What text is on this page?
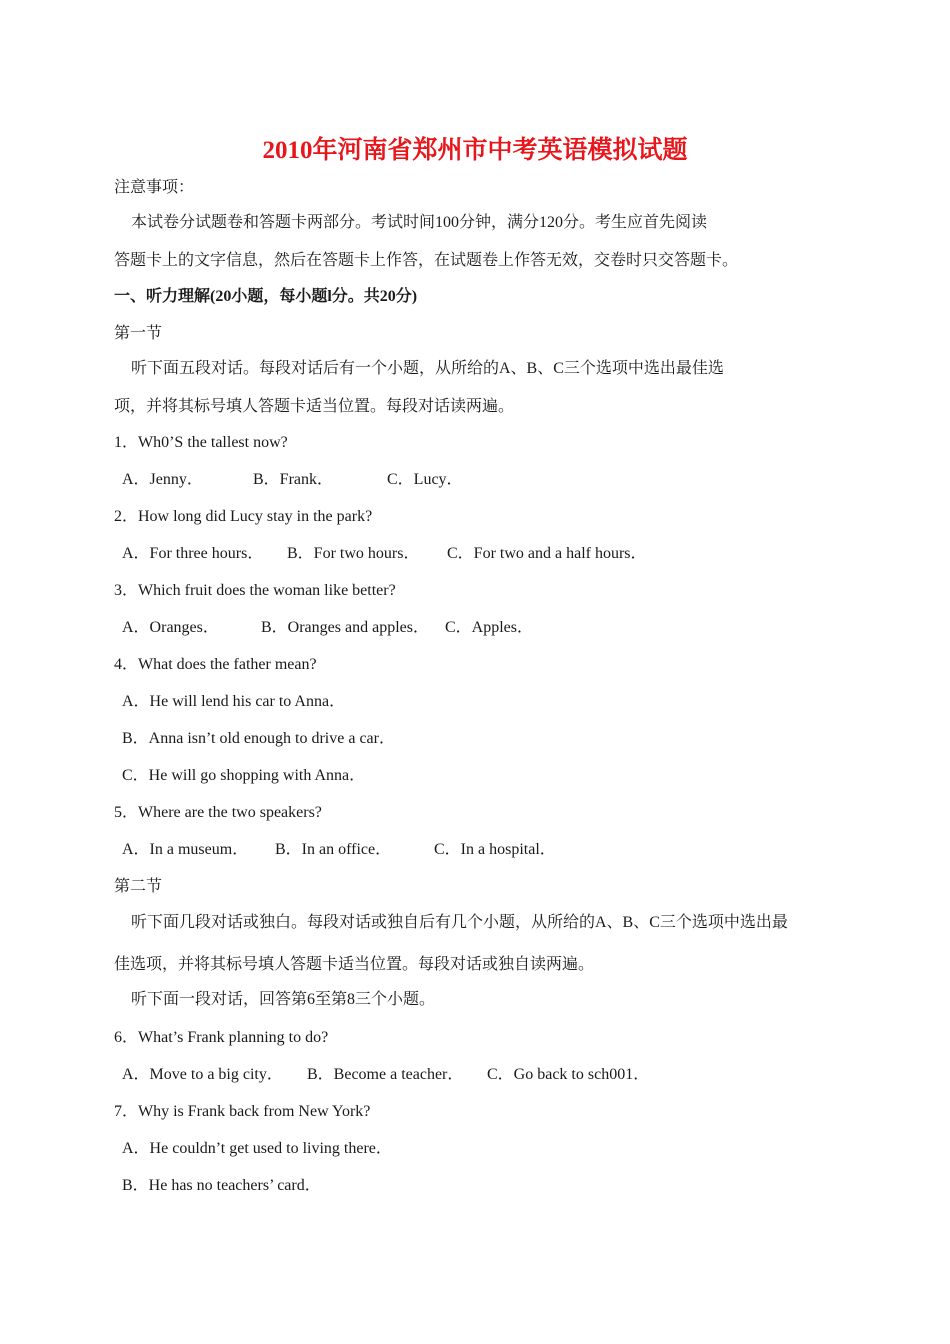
2010年河南省郑州市中考英语模拟试题
注意事项：
本试卷分试题卷和答题卡两部分。考试时间100分钟，满分120分。考生应首先阅读
答题卡上的文字信息，然后在答题卡上作答，在试题卷上作答无效，交卷时只交答题卡。
一、听力理解(20小题，每小题l分。共20分)
第一节
听下面五段对话。每段对话后有一个小题，从所给的A、B、C三个选项中选出最佳选
项，并将其标号填人答题卡适当位置。每段对话读两遍。
1．Wh0’S the tallest now?
A．Jenny．	B．Frank．	C．Lucy．
2．How long did Lucy stay in the park?
A．For three hours． B．For two hours． C．For two and a half hours．
3．Which fruit does the woman like better?
A．Oranges．	B．Oranges and apples． C．Apples．
4．What does the father mean?
A．He will lend his car to Anna．
B．Anna isn’t old enough to drive a car．
C．He will go shopping with Anna．
5．Where are the two speakers?
A．In a museum． B．In an office．	C．In a hospital．
第二节
听下面几段对话或独白。每段对话或独自后有几个小题，从所给的A、B、C三个选项中选出最
佳选项，并将其标号填人答题卡适当位置。每段对话或独自读两遍。
听下面一段对话，回答第6至第8三个小题。
6．What’s Frank planning to do?
A．Move to a big city． B．Become a teacher． C．Go back to sch001．
7．Why is Frank back from New York?
A．He couldn’t get used to living there．
B．He has no teachers’ card．
